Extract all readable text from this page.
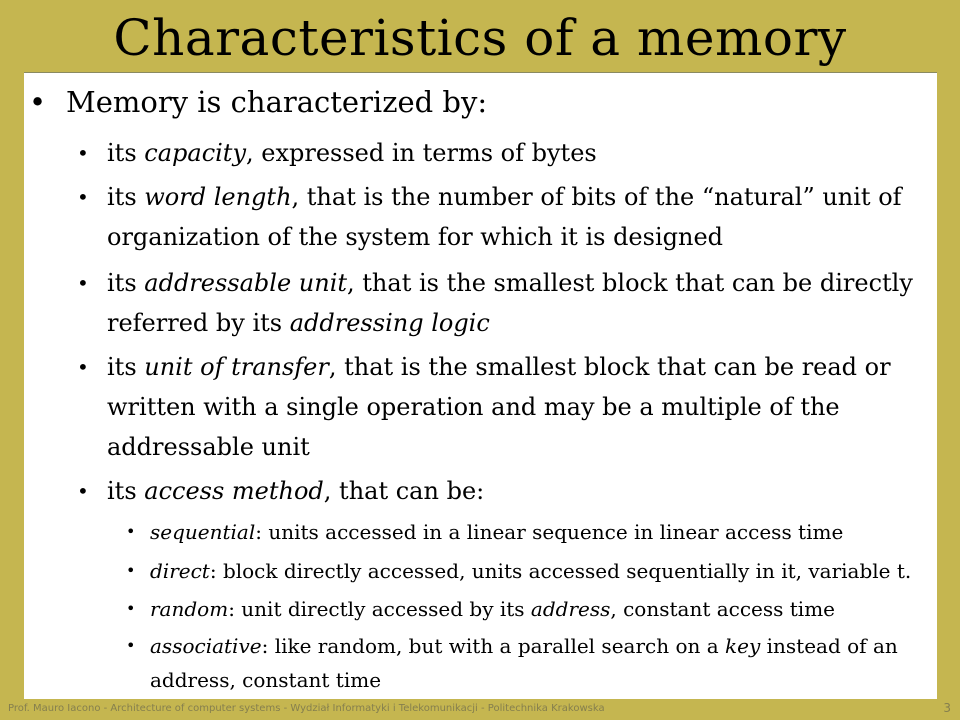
Characteristics of a memory
• Memory is characterized by:
• its capacity, expressed in terms of bytes
• its word length, that is the number of bits of the “natural” unit of organization of the system for which it is designed
• its addressable unit, that is the smallest block that can be directly referred by its addressing logic
• its unit of transfer, that is the smallest block that can be read or written with a single operation and may be a multiple of the addressable unit
• its access method, that can be:
• sequential: units accessed in a linear sequence in linear access time
• direct: block directly accessed, units accessed sequentially in it, variable t.
• random: unit directly accessed by its address, constant access time
• associative: like random, but with a parallel search on a key instead of an address, constant time
Prof. Mauro Iacono - Architecture of computer systems - Wydział Informatyki i Telekomunikacji - Politechnika Krakowska	3
